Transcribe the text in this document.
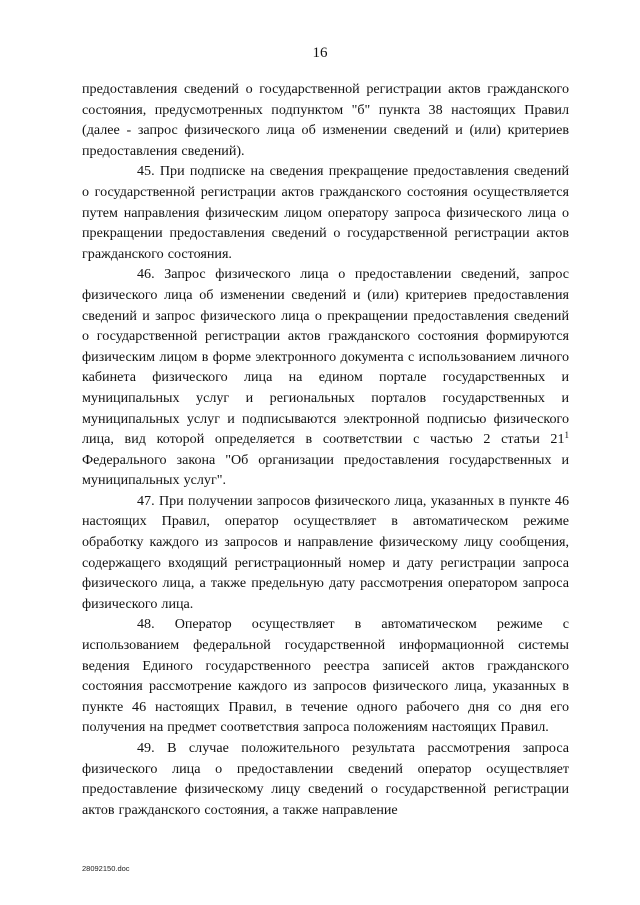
16

предоставления сведений о государственной регистрации актов гражданского состояния, предусмотренных подпунктом "б" пункта 38 настоящих Правил (далее - запрос физического лица об изменении сведений и (или) критериев предоставления сведений).

45. При подписке на сведения прекращение предоставления сведений о государственной регистрации актов гражданского состояния осуществляется путем направления физическим лицом оператору запроса физического лица о прекращении предоставления сведений о государственной регистрации актов гражданского состояния.

46. Запрос физического лица о предоставлении сведений, запрос физического лица об изменении сведений и (или) критериев предоставления сведений и запрос физического лица о прекращении предоставления сведений о государственной регистрации актов гражданского состояния формируются физическим лицом в форме электронного документа с использованием личного кабинета физического лица на едином портале государственных и муниципальных услуг и региональных порталов государственных и муниципальных услуг и подписываются электронной подписью физического лица, вид которой определяется в соответствии с частью 2 статьи $21^1$ Федерального закона "Об организации предоставления государственных и муниципальных услуг".

47. При получении запросов физического лица, указанных в пункте 46 настоящих Правил, оператор осуществляет в автоматическом режиме обработку каждого из запросов и направление физическому лицу сообщения, содержащего входящий регистрационный номер и дату регистрации запроса физического лица, а также предельную дату рассмотрения оператором запроса физического лица.

48. Оператор осуществляет в автоматическом режиме с использованием федеральной государственной информационной системы ведения Единого государственного реестра записей актов гражданского состояния рассмотрение каждого из запросов физического лица, указанных в пункте 46 настоящих Правил, в течение одного рабочего дня со дня его получения на предмет соответствия запроса положениям настоящих Правил.

49. В случае положительного результата рассмотрения запроса физического лица о предоставлении сведений оператор осуществляет предоставление физическому лицу сведений о государственной регистрации актов гражданского состояния, а также направление

28092150.doc
